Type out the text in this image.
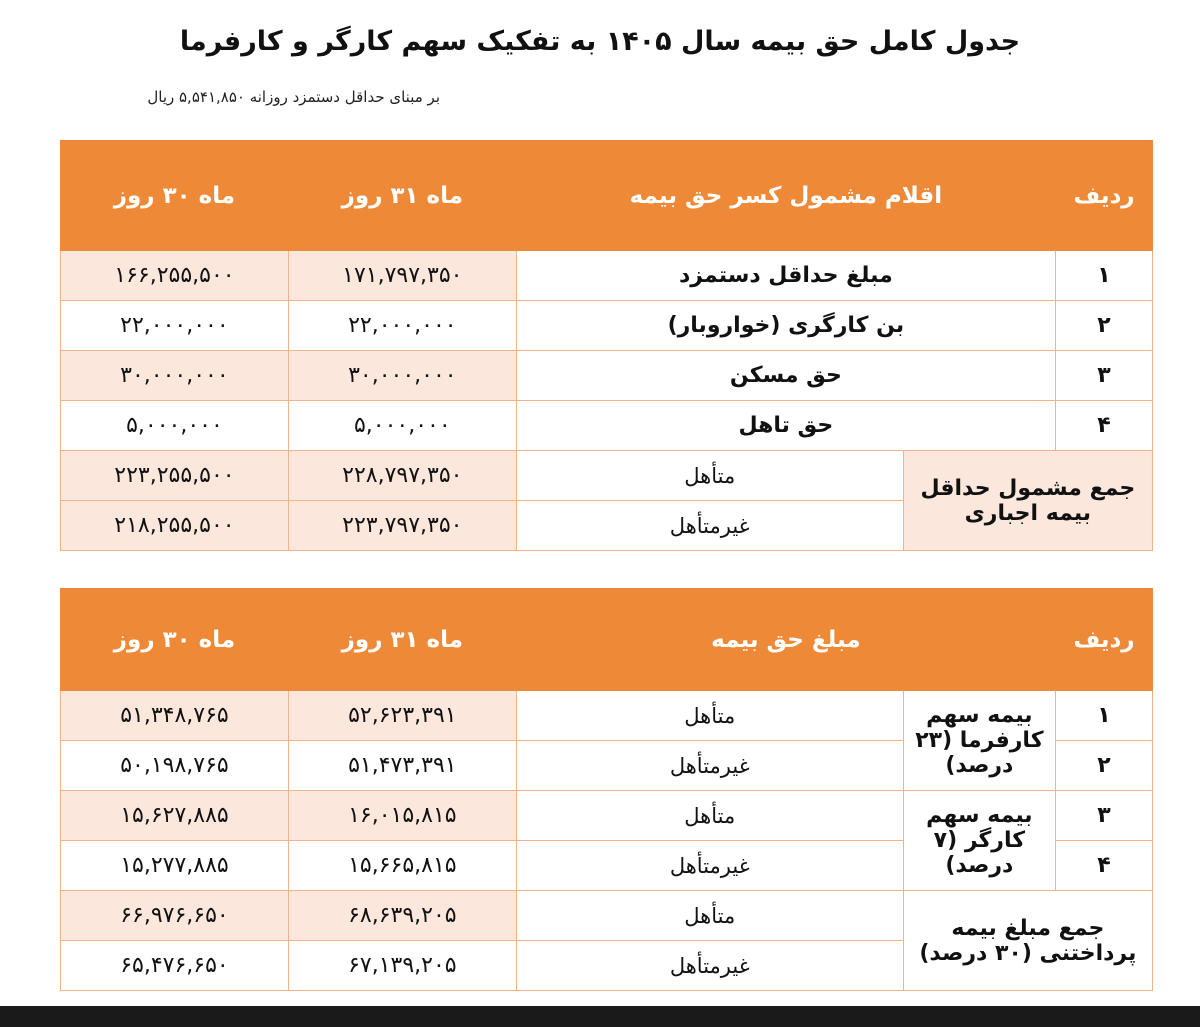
جدول کامل حق بیمه سال ۱۴۰۵ به تفکیک سهم کارگر و کارفرما
بر مبنای حداقل دستمزد روزانه ۵,۵۴۱,۸۵۰ ریال
ردیف	اقلام مشمول کسر حق بیمه		ماه ۳۱ روز	ماه ۳۰ روز
۱	مبلغ حداقل دستمزد		۱۷۱,۷۹۷,۳۵۰	۱۶۶,۲۵۵,۵۰۰
۲	بن کارگری (خواروبار)		۲۲,۰۰۰,۰۰۰	۲۲,۰۰۰,۰۰۰
۳	حق مسکن		۳۰,۰۰۰,۰۰۰	۳۰,۰۰۰,۰۰۰
۴	حق تاهل		۵,۰۰۰,۰۰۰	۵,۰۰۰,۰۰۰
جمع مشمول حداقل بیمه اجباری		متأهل	۲۲۸,۷۹۷,۳۵۰	۲۲۳,۲۵۵,۵۰۰
		غیرمتأهل	۲۲۳,۷۹۷,۳۵۰	۲۱۸,۲۵۵,۵۰۰
ردیف	مبلغ حق بیمه		ماه ۳۱ روز	ماه ۳۰ روز
۱	بیمه سهم کارفرما (۲۳ درصد)	متأهل	۵۲,۶۲۳,۳۹۱	۵۱,۳۴۸,۷۶۵
۲		غیرمتأهل	۵۱,۴۷۳,۳۹۱	۵۰,۱۹۸,۷۶۵
۳	بیمه سهم کارگر (۷ درصد)	متأهل	۱۶,۰۱۵,۸۱۵	۱۵,۶۲۷,۸۸۵
۴		غیرمتأهل	۱۵,۶۶۵,۸۱۵	۱۵,۲۷۷,۸۸۵
جمع مبلغ بیمه پرداختنی (۳۰ درصد)		متأهل	۶۸,۶۳۹,۲۰۵	۶۶,۹۷۶,۶۵۰
		غیرمتأهل	۶۷,۱۳۹,۲۰۵	۶۵,۴۷۶,۶۵۰
